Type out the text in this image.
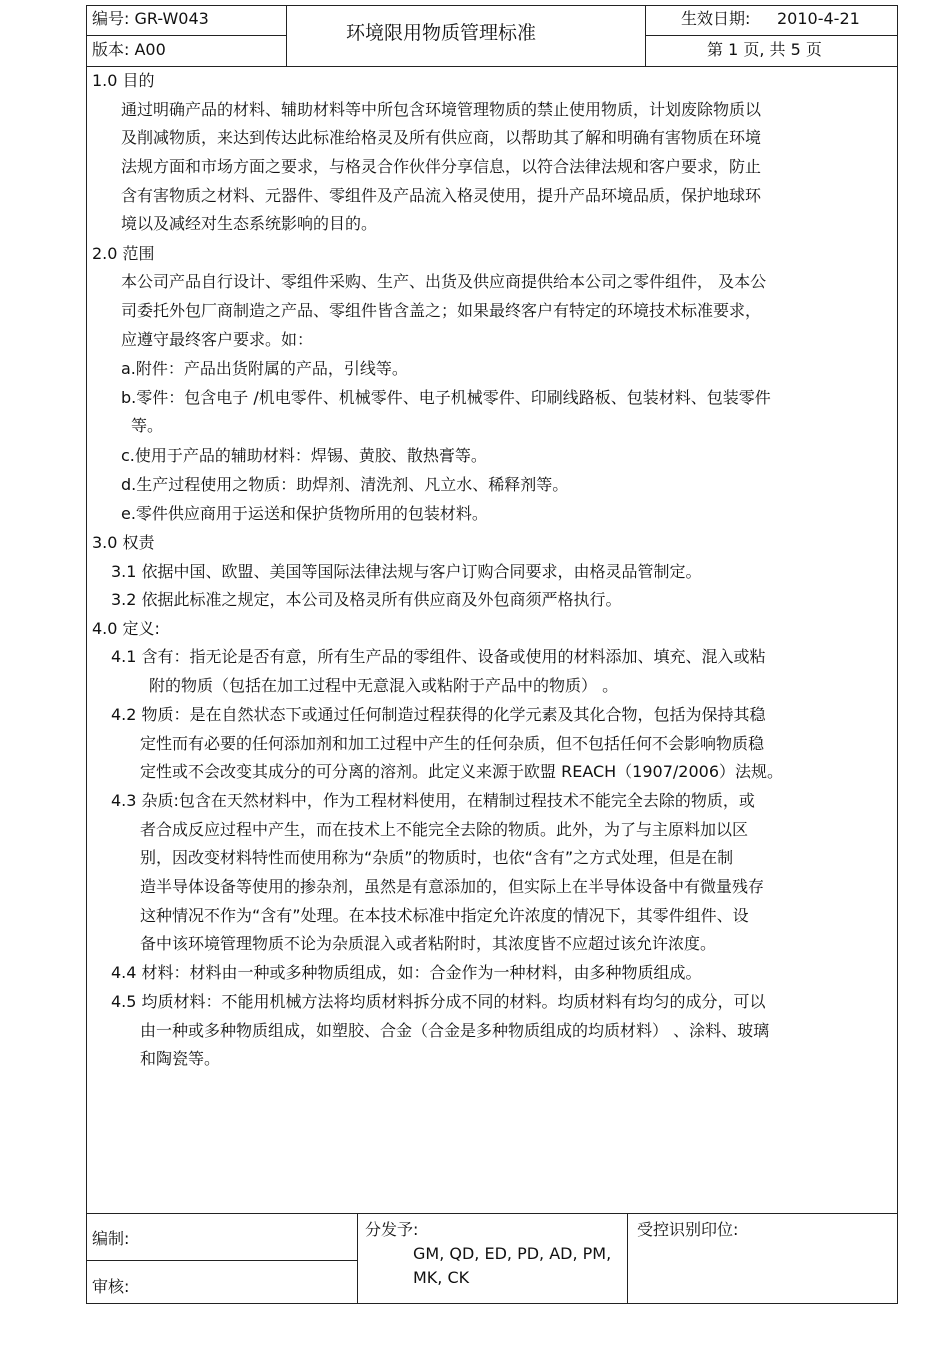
编号: GR-W043
版本: A00
环境限用物质管理标准
生效日期: 2010-4-21
第 1 页, 共 5 页
1.0 目的
通过明确产品的材料、辅助材料等中所包含环境管理物质的禁止使用物质，计划废除物质以
及削减物质，来达到传达此标准给格灵及所有供应商，以帮助其了解和明确有害物质在环境
法规方面和市场方面之要求，与格灵合作伙伴分享信息，以符合法律法规和客户要求，防止
含有害物质之材料、元器件、零组件及产品流入格灵使用，提升产品环境品质，保护地球环
境以及减经对生态系统影响的目的。
2.0 范围
本公司产品自行设计、零组件采购、生产、出货及供应商提供给本公司之零件组件， 及本公
司委托外包厂商制造之产品、零组件皆含盖之；如果最终客户有特定的环境技术标准要求，
应遵守最终客户要求。如：
a.附件：产品出货附属的产品，引线等。
b.零件：包含电子 /机电零件、机械零件、电子机械零件、印刷线路板、包装材料、包装零件
等。
c.使用于产品的辅助材料：焊锡、黄胶、散热膏等。
d.生产过程使用之物质：助焊剂、清洗剂、凡立水、稀释剂等。
e.零件供应商用于运送和保护货物所用的包装材料。
3.0 权责
3.1 依据中国、欧盟、美国等国际法律法规与客户订购合同要求，由格灵品管制定。
3.2 依据此标准之规定，本公司及格灵所有供应商及外包商须严格执行。
4.0 定义:
4.1 含有：指无论是否有意，所有生产品的零组件、设备或使用的材料添加、填充、混入或粘
附的物质（包括在加工过程中无意混入或粘附于产品中的物质） 。
4.2 物质：是在自然状态下或通过任何制造过程获得的化学元素及其化合物，包括为保持其稳
定性而有必要的任何添加剂和加工过程中产生的任何杂质，但不包括任何不会影响物质稳
定性或不会改变其成分的可分离的溶剂。此定义来源于欧盟 REACH（1907/2006）法规。
4.3 杂质:包含在天然材料中，作为工程材料使用，在精制过程技术不能完全去除的物质，或
者合成反应过程中产生，而在技术上不能完全去除的物质。此外，为了与主原料加以区
别，因改变材料特性而使用称为“杂质”的物质时，也依“含有”之方式处理，但是在制
造半导体设备等使用的掺杂剂，虽然是有意添加的，但实际上在半导体设备中有微量残存
这种情况不作为“含有”处理。在本技术标准中指定允许浓度的情况下，其零件组件、设
备中该环境管理物质不论为杂质混入或者粘附时，其浓度皆不应超过该允许浓度。
4.4 材料：材料由一种或多种物质组成，如：合金作为一种材料，由多种物质组成。
4.5 均质材料：不能用机械方法将均质材料拆分成不同的材料。均质材料有均匀的成分，可以
由一种或多种物质组成，如塑胶、合金（合金是多种物质组成的均质材料） 、涂料、玻璃
和陶瓷等。
编制:
审核:
分发予:
GM, QD, ED, PD, AD, PM,
MK, CK
受控识别印位:
